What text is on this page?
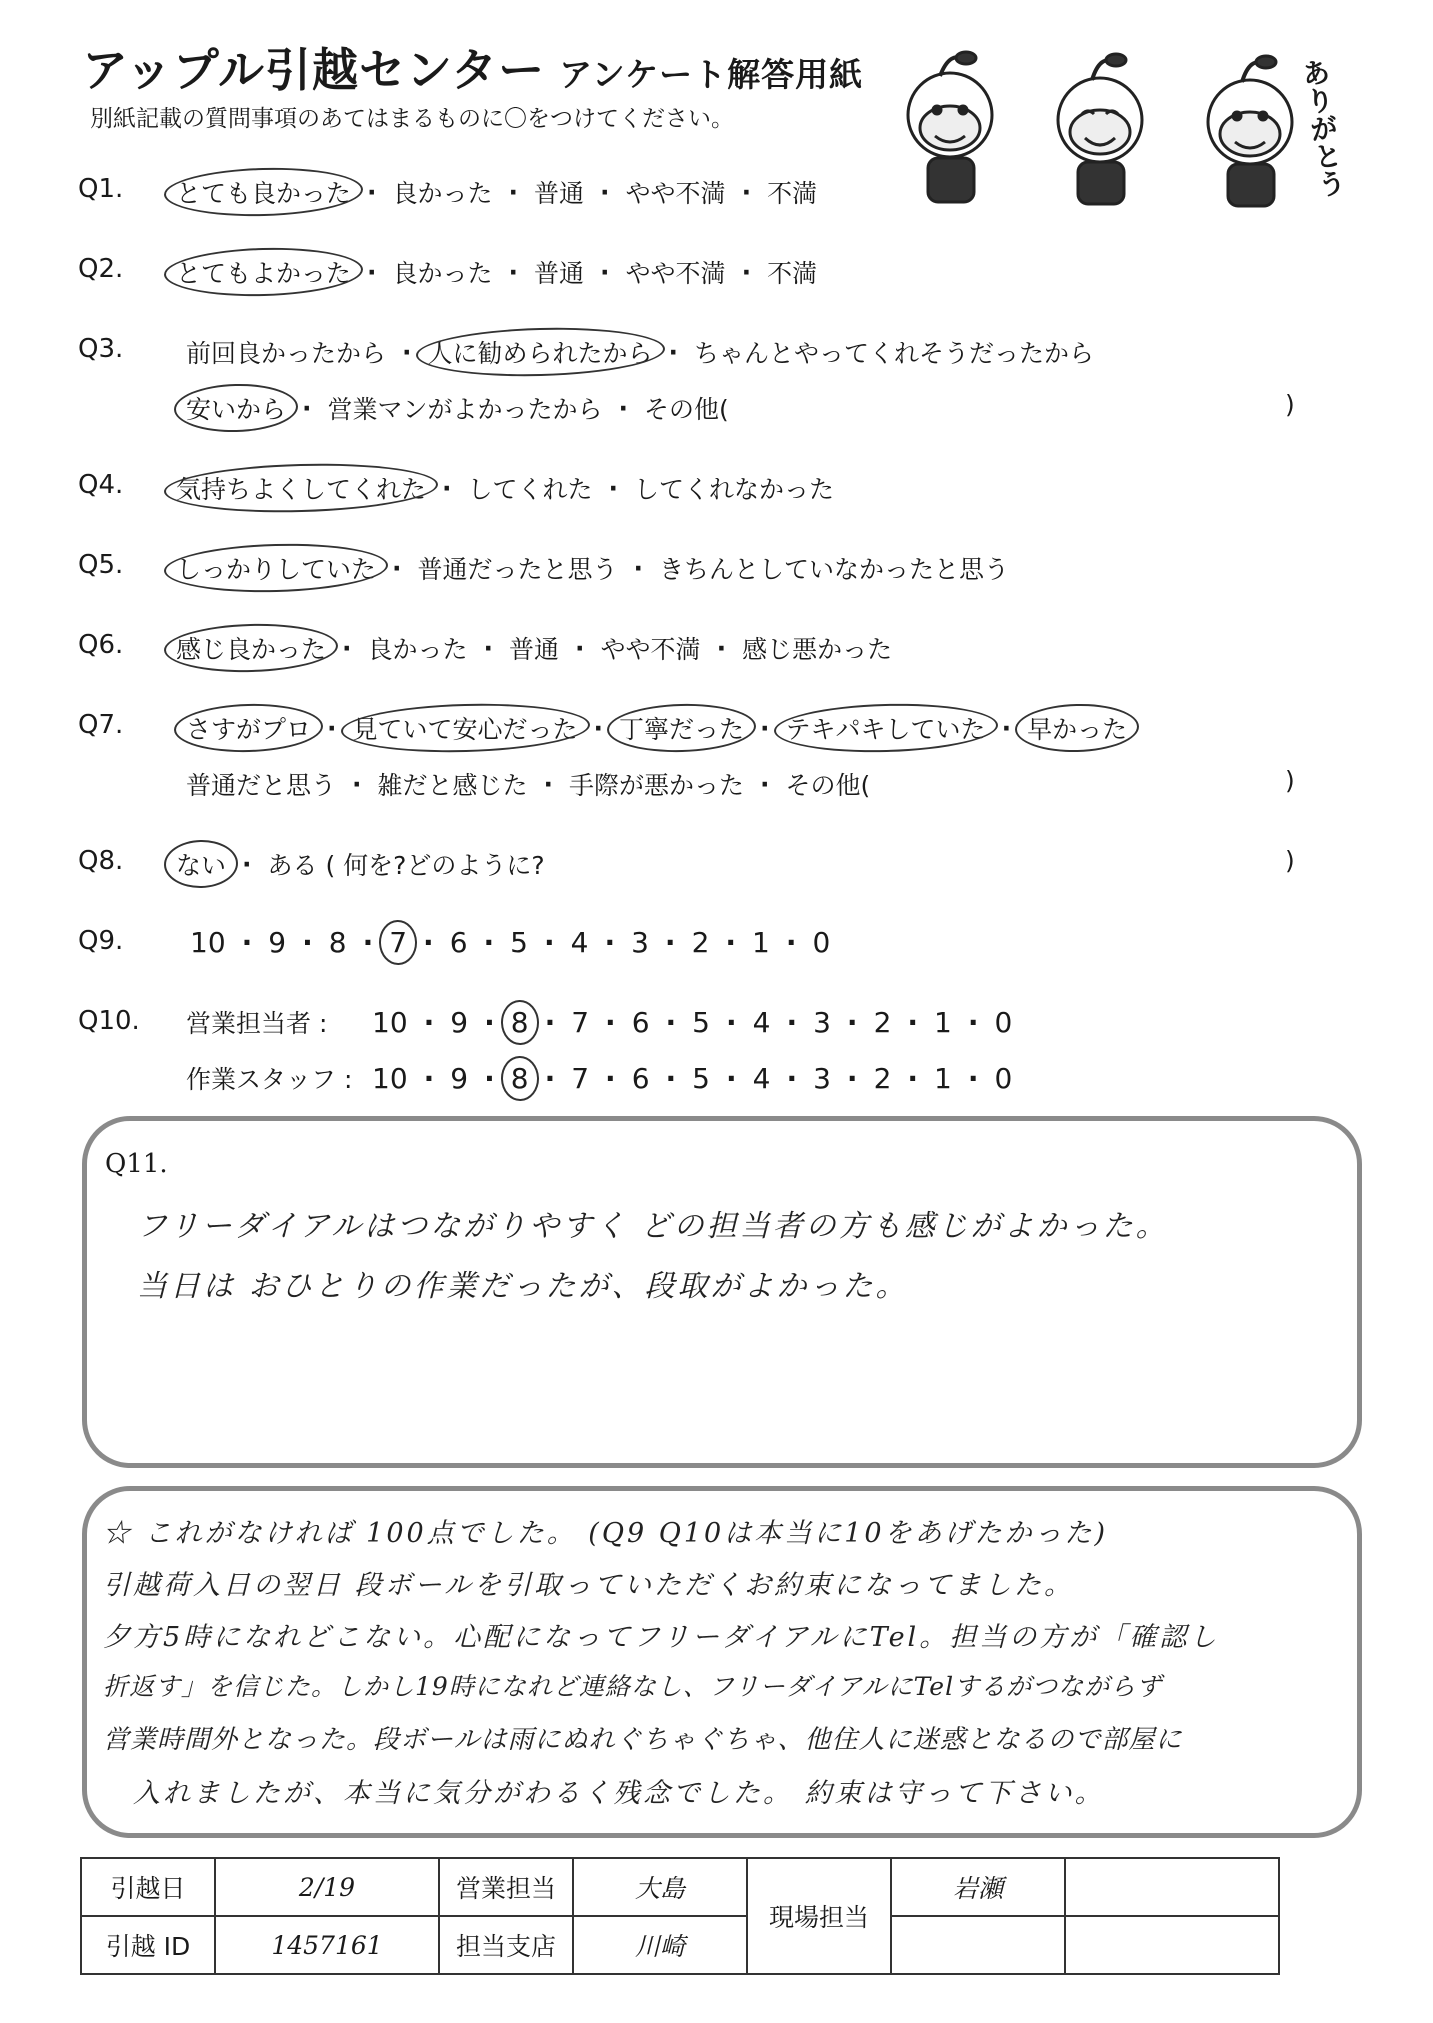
アップル引越センター アンケート解答用紙
別紙記載の質問事項のあてはまるものに〇をつけてください。	ありがとう
Q1. とても良かった · 良かった · 普通 · やや不満 · 不満
Q2. とてもよかった · 良かった · 普通 · やや不満 · 不満
Q3.	前回良かったから · 人に勧められたから · ちゃんとやってくれそうだったから
安いから · 営業マンがよかったから · その他(	)
Q4. 気持ちよくしてくれた · してくれた · してくれなかった
Q5. しっかりしていた · 普通だったと思う · きちんとしていなかったと思う
Q6. 感じ良かった · 良かった · 普通 · やや不満 · 感じ悪かった
Q7.	さすがプロ · 見ていて安心だった · 丁寧だった · テキパキしていた · 早かった
普通だと思う · 雑だと感じた · 手際が悪かった · その他(	)
Q8. ない · ある ( 何を?どのように?	)
Q9. 10 · 9 · 8 · 7 · 6 · 5 · 4 · 3 · 2 · 1 · 0
Q10. 営業担当者 : 10 · 9 · 8 · 7 · 6 · 5 · 4 · 3 · 2 · 1 · 0
作業スタッフ : 10 · 9 · 8 · 7 · 6 · 5 · 4 · 3 · 2 · 1 · 0
Q11.
フリーダイアルはつながりやすく どの担当者の方も感じがよかった。
当日は おひとりの作業だったが、段取がよかった。
☆ これがなければ 100点でした。 (Q9 Q10は本当に10をあげたかった)
引越荷入日の翌日 段ボールを引取っていただくお約束になってました。
夕方5時になれどこない。心配になってフリーダイアルにTel。担当の方が「確認し
折返す」を信じた。しかし19時になれど連絡なし、フリーダイアルにTelするがつながらず
営業時間外となった。段ボールは雨にぬれぐちゃぐちゃ、他住人に迷惑となるので部屋に
入れましたが、本当に気分がわるく残念でした。 約束は守って下さい。
引越日	2/19	営業担当	大島	現場担当	岩瀬	
引越 ID	1457161	担当支店	川崎			
